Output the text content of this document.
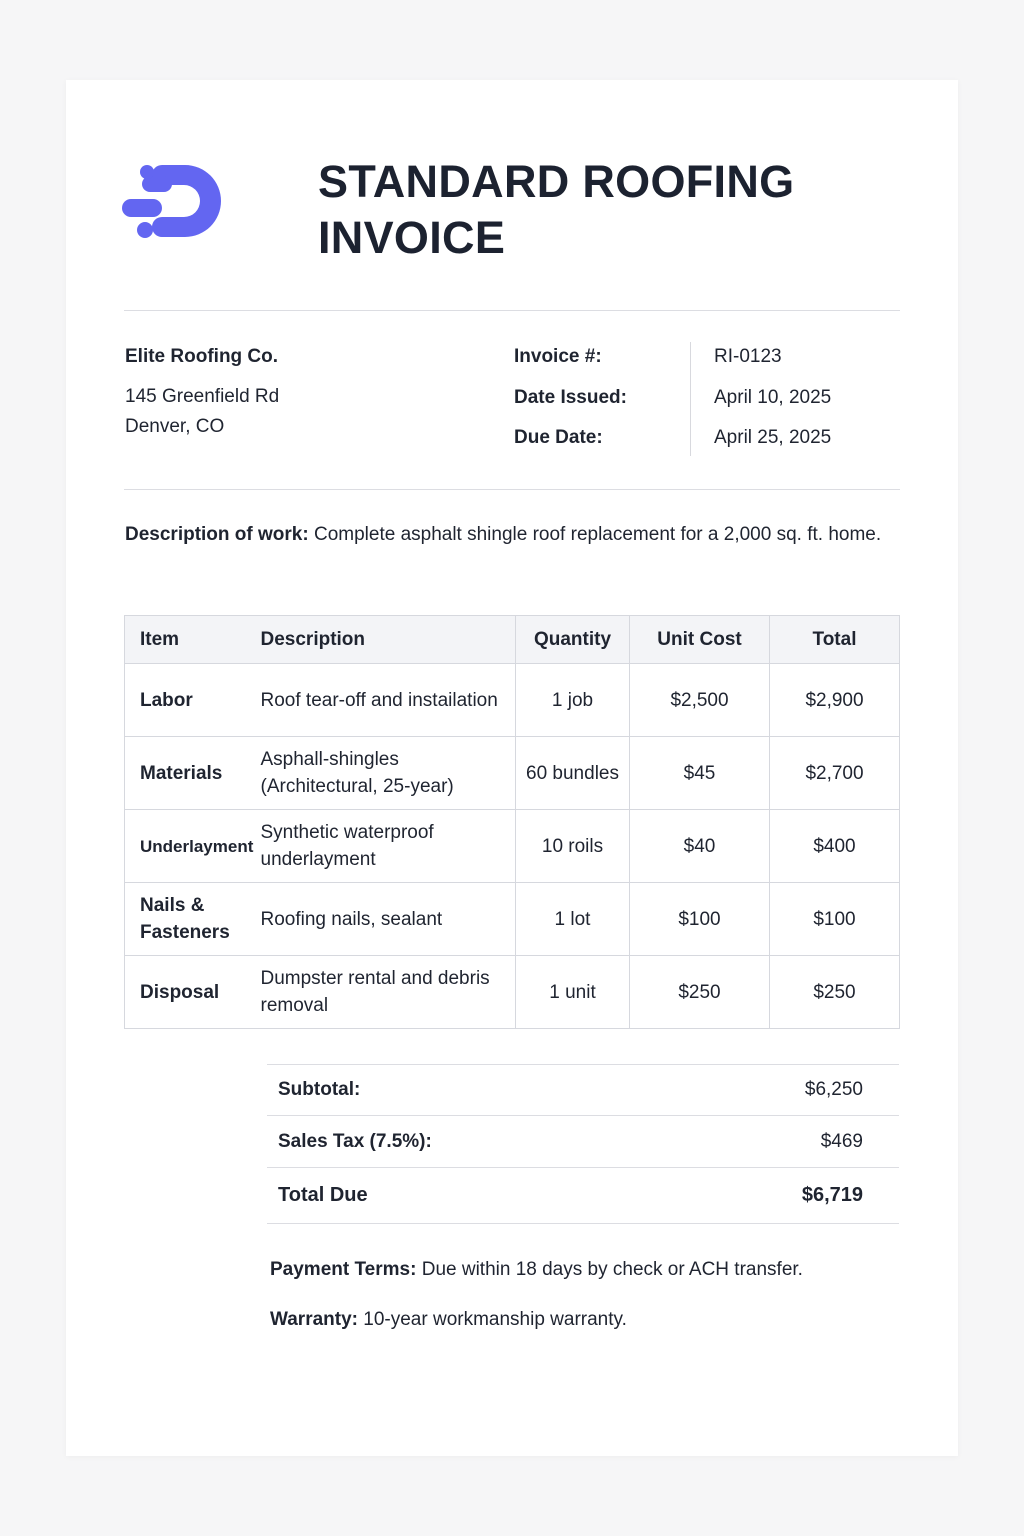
STANDARD ROOFING INVOICE
Elite Roofing Co.
145 Greenfield Rd
Denver, CO
Invoice #:	RI-0123
Date Issued:	April 10, 2025
Due Date:	April 25, 2025

Description of work: Complete asphalt shingle roof replacement for a 2,000 sq. ft. home.

Item	Description	Quantity	Unit Cost	Total
Labor	Roof tear-off and instailation	1 job	$2,500	$2,900
Materials	Asphall-shingles (Architectural, 25-year)	60 bundles	$45	$2,700
Underlayment	Synthetic waterproof underlayment	10 roils	$40	$400
Nails & Fasteners	Roofing nails, sealant	1 lot	$100	$100
Disposal	Dumpster rental and debris removal	1 unit	$250	$250
Subtotal:	$6,250
Sales Tax (7.5%):	$469
Total Due	$6,719

Payment Terms: Due within 18 days by check or ACH transfer.

Warranty: 10-year workmanship warranty.
